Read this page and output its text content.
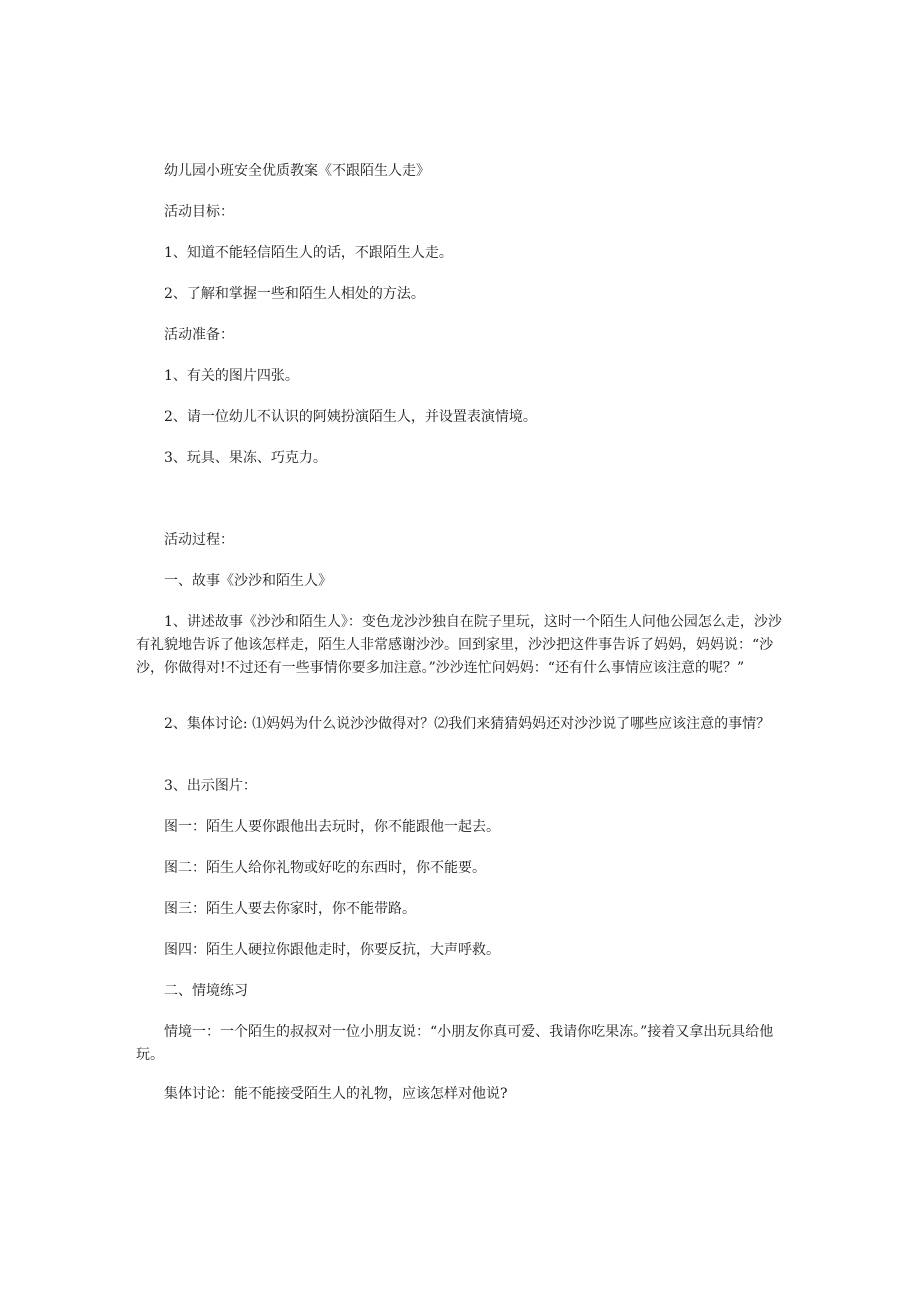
幼儿园小班安全优质教案《不跟陌生人走》
活动目标：
1、知道不能轻信陌生人的话，不跟陌生人走。
2、了解和掌握一些和陌生人相处的方法。
活动准备：
1、有关的图片四张。
2、请一位幼儿不认识的阿姨扮演陌生人，并设置表演情境。
3、玩具、果冻、巧克力。
活动过程：
一、故事《沙沙和陌生人》
1、讲述故事《沙沙和陌生人》：变色龙沙沙独自在院子里玩，这时一个陌生人问他公园怎么走，沙沙有礼貌地告诉了他该怎样走，陌生人非常感谢沙沙。回到家里，沙沙把这件事告诉了妈妈，妈妈说：“沙沙，你做得对!不过还有一些事情你要多加注意。”沙沙连忙问妈妈：“还有什么事情应该注意的呢？”
2、集体讨论: ⑴妈妈为什么说沙沙做得对？⑵我们来猜猜妈妈还对沙沙说了哪些应该注意的事情？
3、出示图片：
图一：陌生人要你跟他出去玩时，你不能跟他一起去。
图二：陌生人给你礼物或好吃的东西时，你不能要。
图三：陌生人要去你家时，你不能带路。
图四：陌生人硬拉你跟他走时，你要反抗，大声呼救。
二、情境练习
情境一：一个陌生的叔叔对一位小朋友说：“小朋友你真可爱、我请你吃果冻。”接着又拿出玩具给他玩。
集体讨论：能不能接受陌生人的礼物，应该怎样对他说?
